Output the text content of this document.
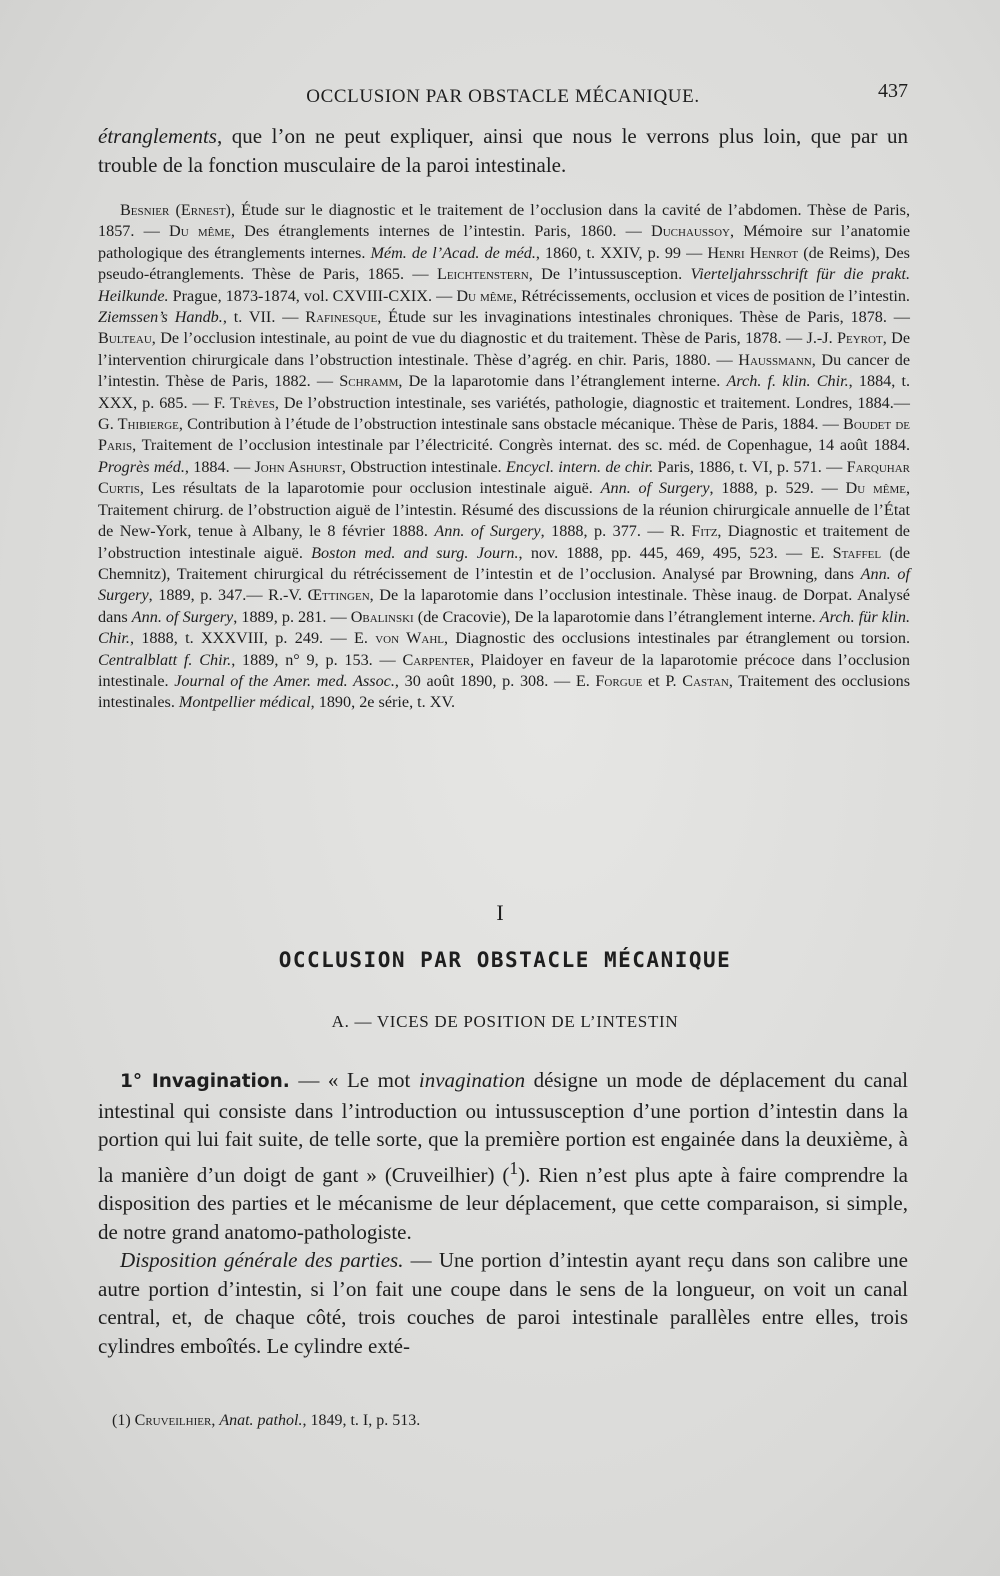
OCCLUSION PAR OBSTACLE MÉCANIQUE.	437

étranglements, que l’on ne peut expliquer, ainsi que nous le verrons plus loin, que par un trouble de la fonction musculaire de la paroi intestinale.

Besnier (Ernest), Étude sur le diagnostic et le traitement de l’occlusion dans la cavité de l’abdomen. Thèse de Paris, 1857. — Du même, Des étranglements internes de l’intestin. Paris, 1860. — Duchaussoy, Mémoire sur l’anatomie pathologique des étranglements internes. Mém. de l’Acad. de méd., 1860, t. XXIV, p. 99 — Henri Henrot (de Reims), Des pseudo-étranglements. Thèse de Paris, 1865. — Leichtenstern, De l’intussusception. Vierteljahrsschrift für die prakt. Heilkunde. Prague, 1873-1874, vol. CXVIII-CXIX. — Du même, Rétrécissements, occlusion et vices de position de l’intestin. Ziemssen’s Handb., t. VII. — Rafinesque, Étude sur les invaginations intestinales chroniques. Thèse de Paris, 1878. — Bulteau, De l’occlusion intestinale, au point de vue du diagnostic et du traitement. Thèse de Paris, 1878. — J.-J. Peyrot, De l’intervention chirurgicale dans l’obstruction intestinale. Thèse d’agrég. en chir. Paris, 1880. — Haussmann, Du cancer de l’intestin. Thèse de Paris, 1882. — Schramm, De la laparotomie dans l’étranglement interne. Arch. f. klin. Chir., 1884, t. XXX, p. 685. — F. Trèves, De l’obstruction intestinale, ses variétés, pathologie, diagnostic et traitement. Londres, 1884.— G. Thibierge, Contribution à l’étude de l’obstruction intestinale sans obstacle mécanique. Thèse de Paris, 1884. — Boudet de Paris, Traitement de l’occlusion intestinale par l’électricité. Congrès internat. des sc. méd. de Copenhague, 14 août 1884. Progrès méd., 1884. — John Ashurst, Obstruction intestinale. Encycl. intern. de chir. Paris, 1886, t. VI, p. 571. — Farquhar Curtis, Les résultats de la laparotomie pour occlusion intestinale aiguë. Ann. of Surgery, 1888, p. 529. — Du même, Traitement chirurg. de l’obstruction aiguë de l’intestin. Résumé des discussions de la réunion chirurgicale annuelle de l’État de New-York, tenue à Albany, le 8 février 1888. Ann. of Surgery, 1888, p. 377. — R. Fitz, Diagnostic et traitement de l’obstruction intestinale aiguë. Boston med. and surg. Journ., nov. 1888, pp. 445, 469, 495, 523. — E. Staffel (de Chemnitz), Traitement chirurgical du rétrécissement de l’intestin et de l’occlusion. Analysé par Browning, dans Ann. of Surgery, 1889, p. 347.— R.-V. Œttingen, De la laparotomie dans l’occlusion intestinale. Thèse inaug. de Dorpat. Analysé dans Ann. of Surgery, 1889, p. 281. — Obalinski (de Cracovie), De la laparotomie dans l’étranglement interne. Arch. für klin. Chir., 1888, t. XXXVIII, p. 249. — E. von Wahl, Diagnostic des occlusions intestinales par étranglement ou torsion. Centralblatt f. Chir., 1889, n° 9, p. 153. — Carpenter, Plaidoyer en faveur de la laparotomie précoce dans l’occlusion intestinale. Journal of the Amer. med. Assoc., 30 août 1890, p. 308. — E. Forgue et P. Castan, Traitement des occlusions intestinales. Montpellier médical, 1890, 2e série, t. XV.
I
OCCLUSION PAR OBSTACLE MÉCANIQUE
A. — VICES DE POSITION DE L’INTESTIN

1° Invagination. — « Le mot invagination désigne un mode de déplacement du canal intestinal qui consiste dans l’introduction ou intussusception d’une portion d’intestin dans la portion qui lui fait suite, de telle sorte, que la première portion est engainée dans la deuxième, à la manière d’un doigt de gant » (Cruveilhier) ($^1$). Rien n’est plus apte à faire comprendre la disposition des parties et le mécanisme de leur déplacement, que cette comparaison, si simple, de notre grand anatomo-pathologiste.

Disposition générale des parties. — Une portion d’intestin ayant reçu dans son calibre une autre portion d’intestin, si l’on fait une coupe dans le sens de la longueur, on voit un canal central, et, de chaque côté, trois couches de paroi intestinale parallèles entre elles, trois cylindres emboîtés. Le cylindre exté-

(1) Cruveilhier, Anat. pathol., 1849, t. I, p. 513.
